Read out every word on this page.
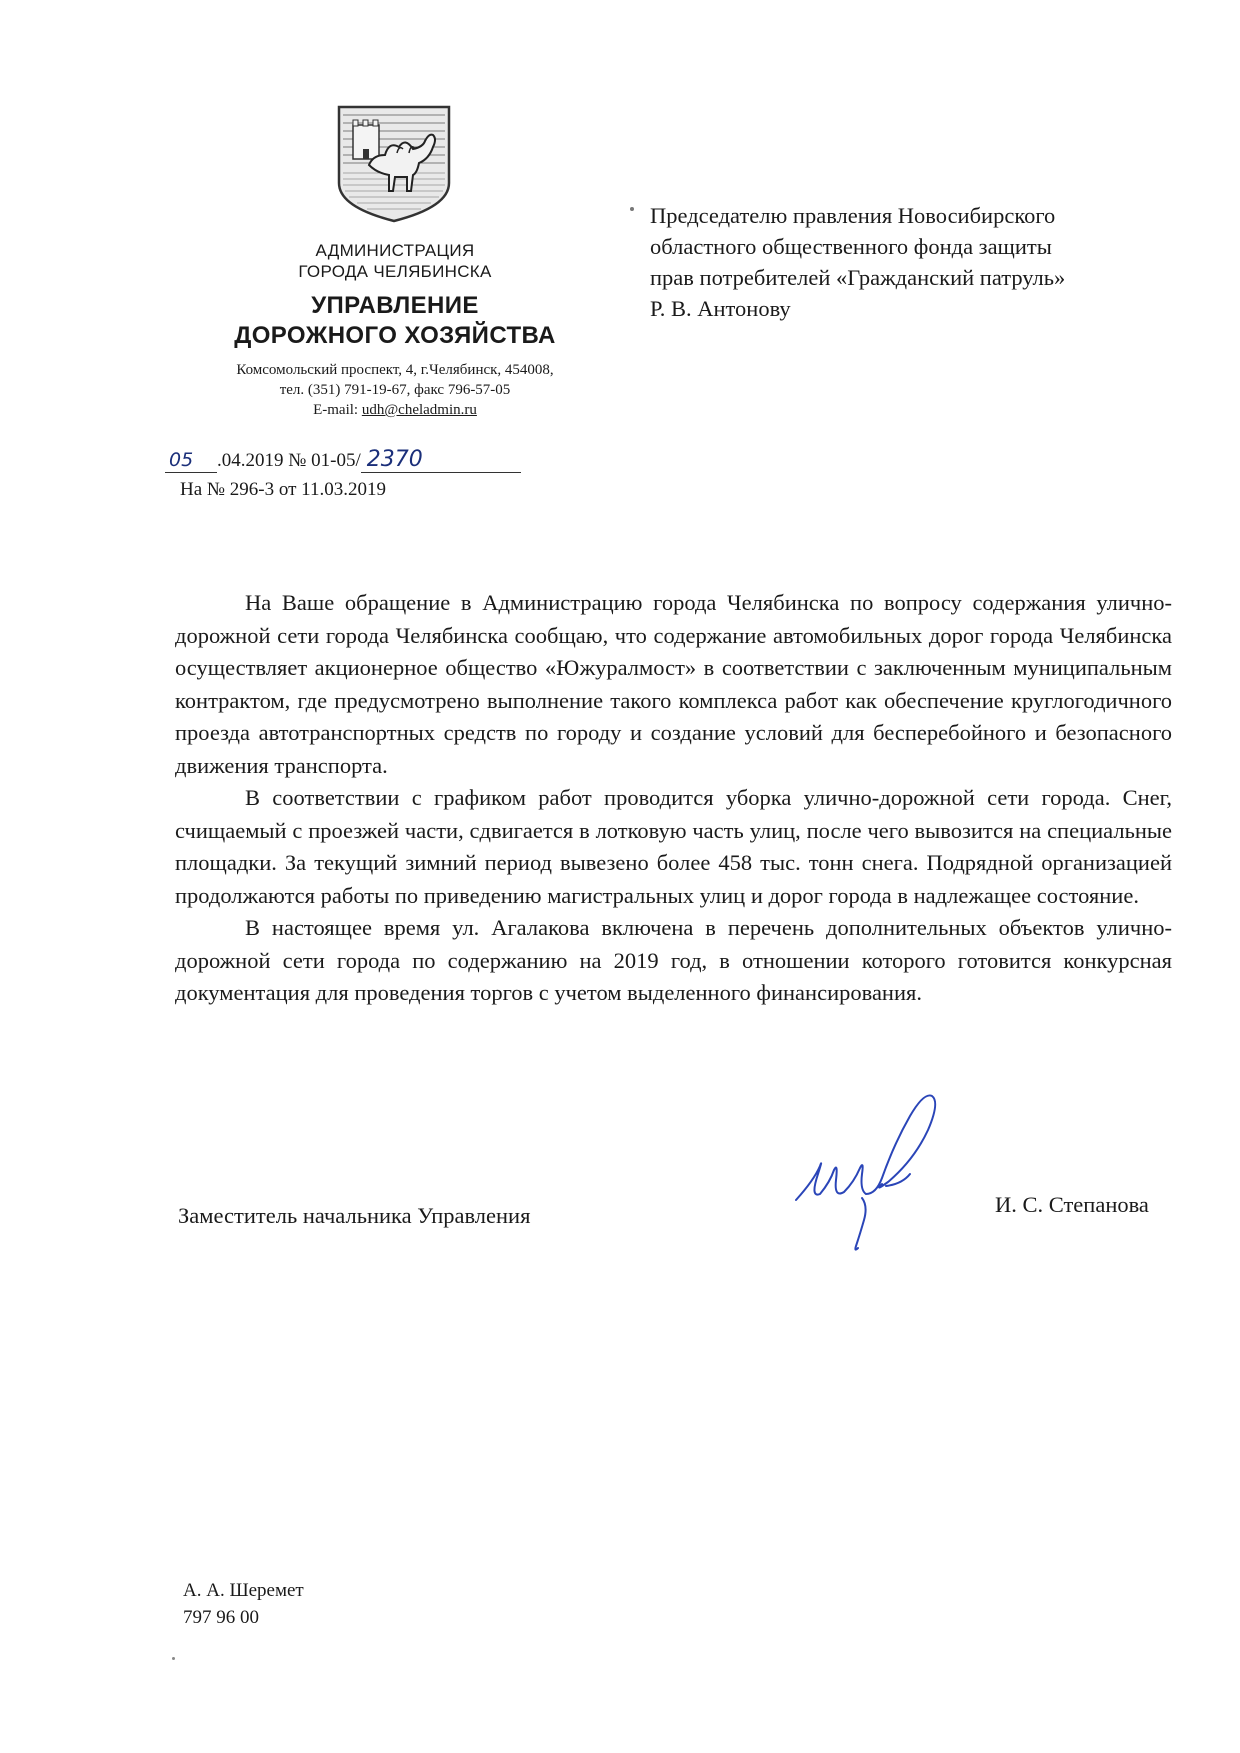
АДМИНИСТРАЦИЯ
ГОРОДА ЧЕЛЯБИНСКА
УПРАВЛЕНИЕ
ДОРОЖНОГО ХОЗЯЙСТВА
Комсомольский проспект, 4, г.Челябинск, 454008,
тел. (351) 791-19-67, факс 796-57-05
E-mail: udh@cheladmin.ru
05 .04.2019 № 01-05/ 2370
На № 296-3 от 11.03.2019
Председателю правления Новосибирского
областного общественного фонда защиты
прав потребителей «Гражданский патруль»
Р. В. Антонову

На Ваше обращение в Администрацию города Челябинска по вопросу содержания улично-дорожной сети города Челябинска сообщаю, что содержание автомобильных дорог города Челябинска осуществляет акционерное общество «Южуралмост» в соответствии с заключенным муниципальным контрактом, где предусмотрено выполнение такого комплекса работ как обеспечение круглогодичного проезда автотранспортных средств по городу и создание условий для бесперебойного и безопасного движения транспорта.

В соответствии с графиком работ проводится уборка улично-дорожной сети города. Снег, счищаемый с проезжей части, сдвигается в лотковую часть улиц, после чего вывозится на специальные площадки. За текущий зимний период вывезено более 458 тыс. тонн снега. Подрядной организацией продолжаются работы по приведению магистральных улиц и дорог города в надлежащее состояние.

В настоящее время ул. Агалакова включена в перечень дополнительных объектов улично-дорожной сети города по содержанию на 2019 год, в отношении которого готовится конкурсная документация для проведения торгов с учетом выделенного финансирования.

Заместитель начальника Управления	И. С. Степанова
А. А. Шеремет
797 96 00
